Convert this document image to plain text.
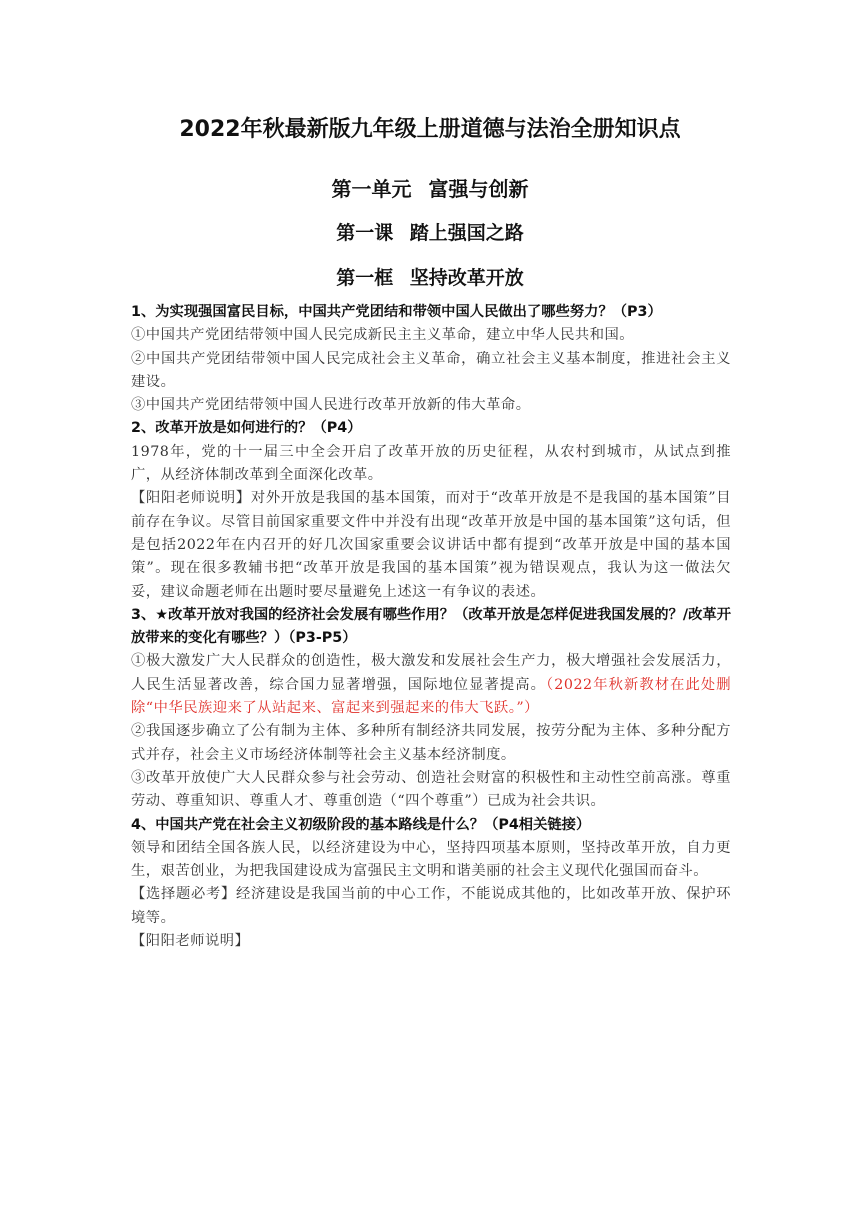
2022年秋最新版九年级上册道德与法治全册知识点
第一单元 富强与创新
第一课 踏上强国之路
第一框 坚持改革开放

1、为实现强国富民目标，中国共产党团结和带领中国人民做出了哪些努力？（P3）

①中国共产党团结带领中国人民完成新民主主义革命，建立中华人民共和国。

②中国共产党团结带领中国人民完成社会主义革命，确立社会主义基本制度，推进社会主义建设。

③中国共产党团结带领中国人民进行改革开放新的伟大革命。

2、改革开放是如何进行的？（P4）

1978年，党的十一届三中全会开启了改革开放的历史征程，从农村到城市，从试点到推广，从经济体制改革到全面深化改革。

【阳阳老师说明】对外开放是我国的基本国策，而对于“改革开放是不是我国的基本国策”目前存在争议。尽管目前国家重要文件中并没有出现“改革开放是中国的基本国策”这句话，但是包括2022年在内召开的好几次国家重要会议讲话中都有提到“改革开放是中国的基本国策”。现在很多教辅书把“改革开放是我国的基本国策”视为错误观点，我认为这一做法欠妥，建议命题老师在出题时要尽量避免上述这一有争议的表述。

3、★改革开放对我国的经济社会发展有哪些作用？（改革开放是怎样促进我国发展的？/改革开放带来的变化有哪些？）（P3-P5）

①极大激发广大人民群众的创造性，极大激发和发展社会生产力，极大增强社会发展活力，人民生活显著改善，综合国力显著增强，国际地位显著提高。（2022年秋新教材在此处删除“中华民族迎来了从站起来、富起来到强起来的伟大飞跃。”）

②我国逐步确立了公有制为主体、多种所有制经济共同发展，按劳分配为主体、多种分配方式并存，社会主义市场经济体制等社会主义基本经济制度。

③改革开放使广大人民群众参与社会劳动、创造社会财富的积极性和主动性空前高涨。尊重劳动、尊重知识、尊重人才、尊重创造（“四个尊重”）已成为社会共识。

4、中国共产党在社会主义初级阶段的基本路线是什么？（P4相关链接）

领导和团结全国各族人民，以经济建设为中心，坚持四项基本原则，坚持改革开放，自力更生，艰苦创业，为把我国建设成为富强民主文明和谐美丽的社会主义现代化强国而奋斗。

【选择题必考】经济建设是我国当前的中心工作，不能说成其他的，比如改革开放、保护环境等。

【阳阳老师说明】
